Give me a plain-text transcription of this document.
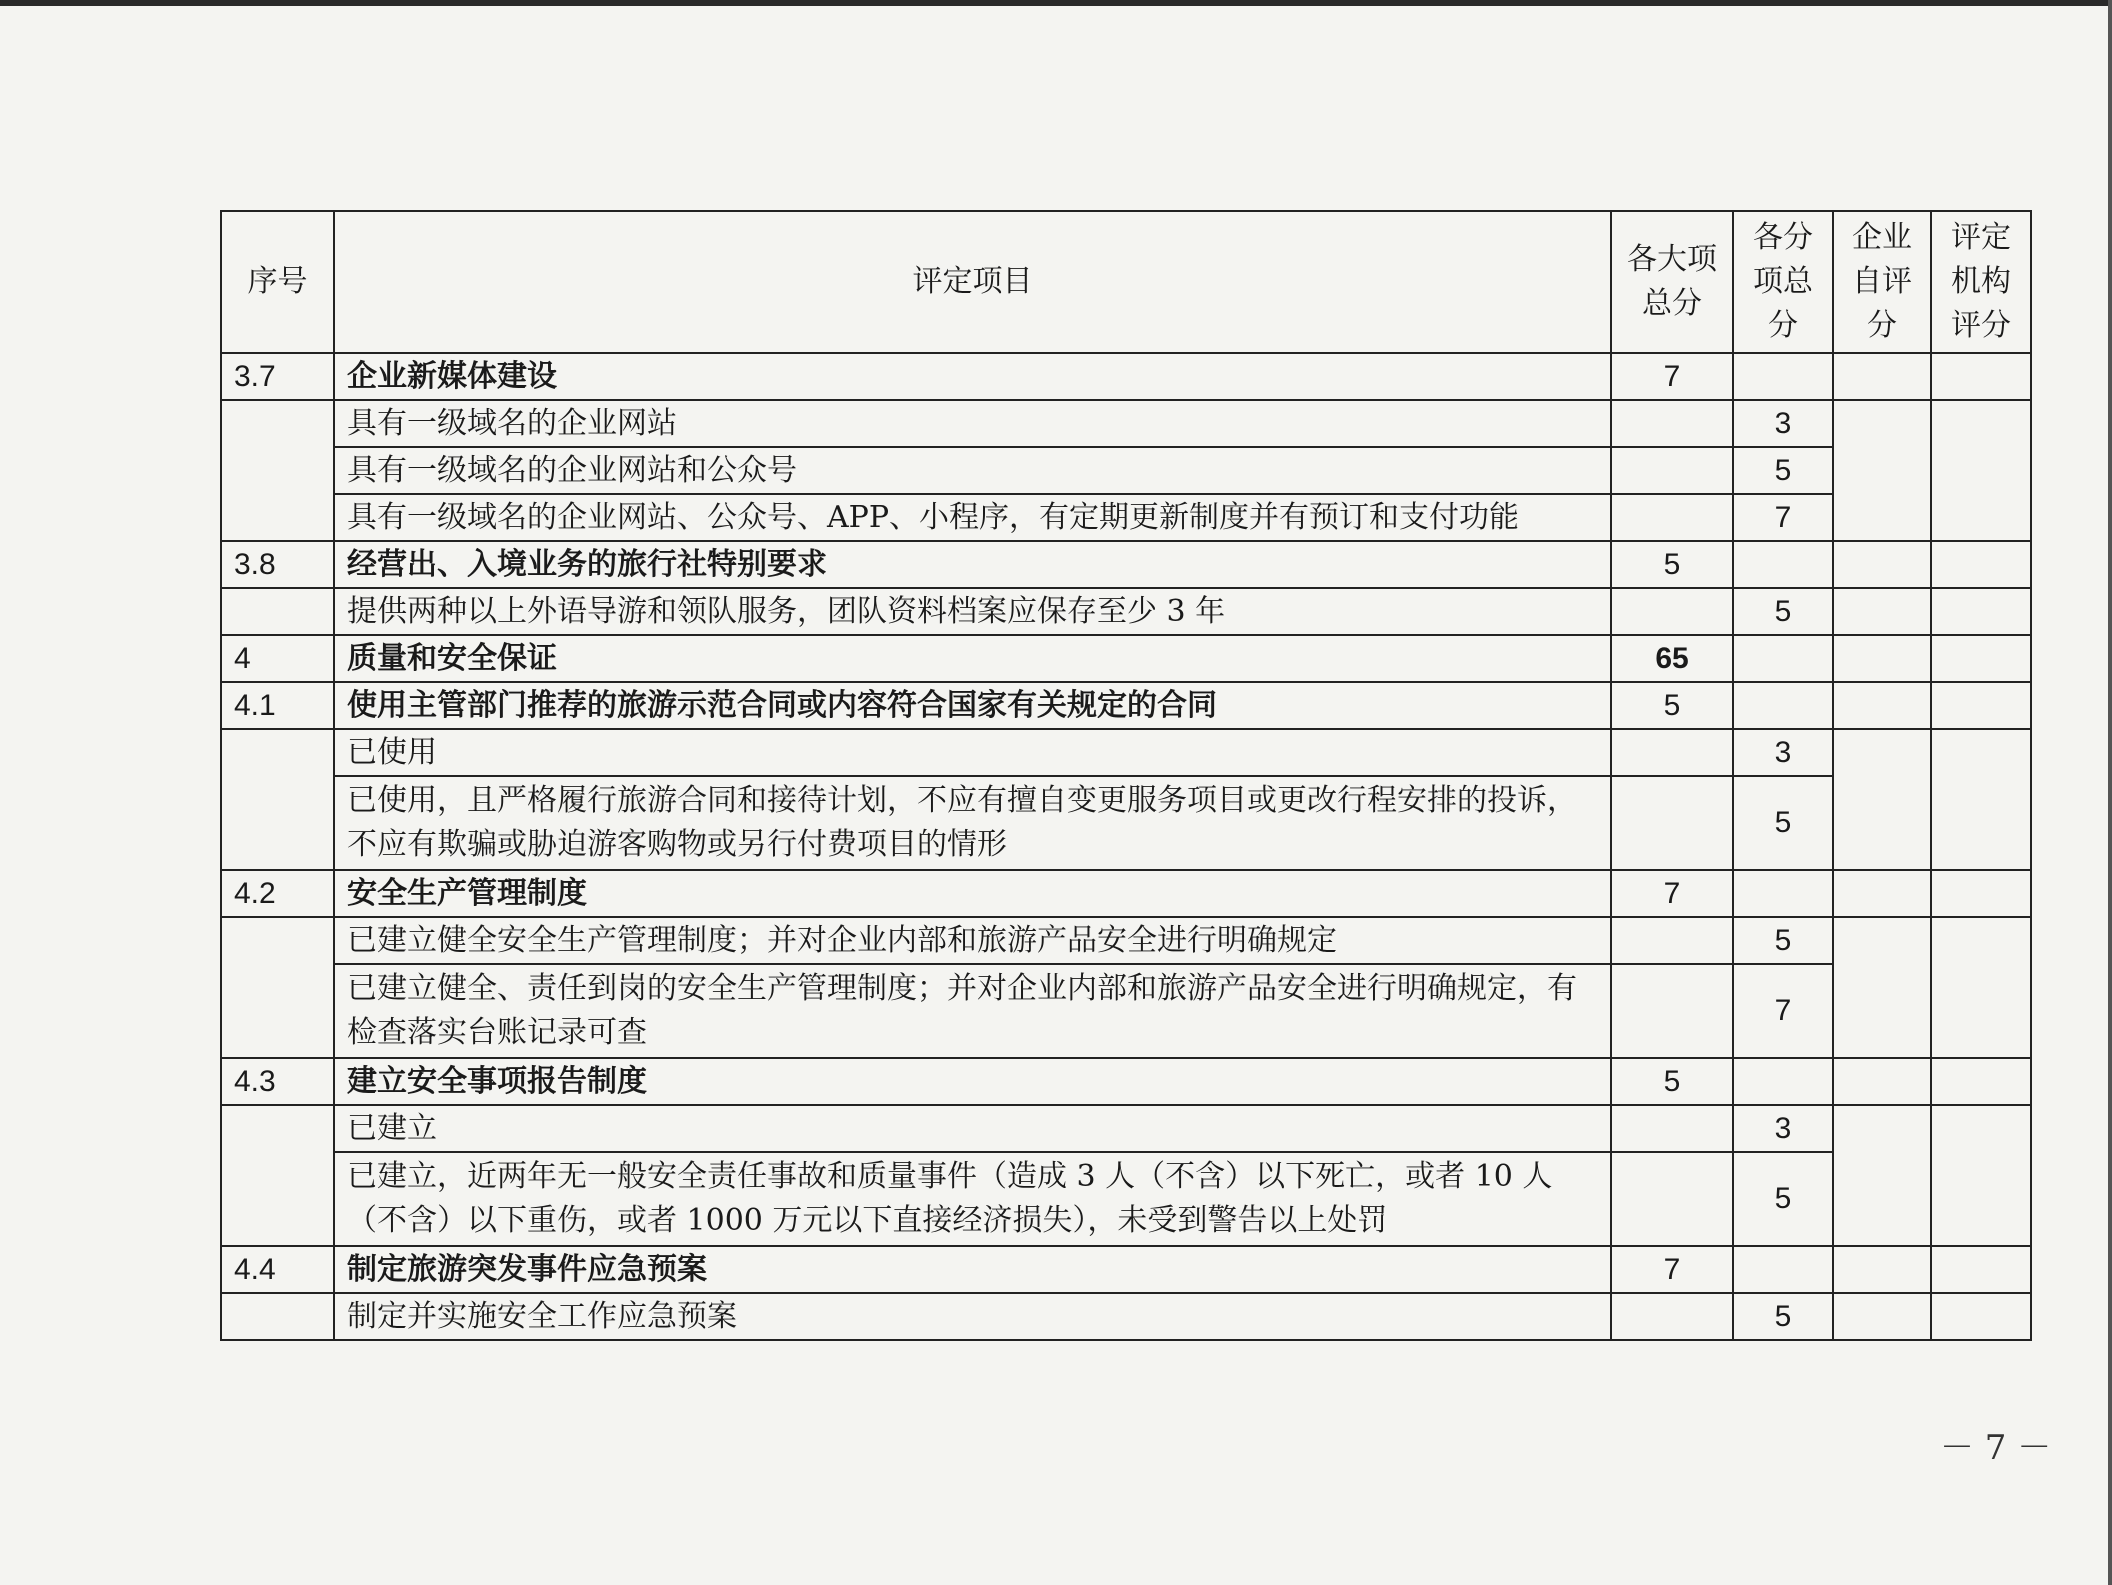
序号	评定项目	各大项总分	各分项总分	企业自评分	评定机构评分
3.7	企业新媒体建设	7			
	具有一级域名的企业网站		3		
	具有一级域名的企业网站和公众号		5		
	具有一级域名的企业网站、公众号、APP、小程序，有定期更新制度并有预订和支付功能		7		
3.8	经营出、入境业务的旅行社特别要求	5			
	提供两种以上外语导游和领队服务，团队资料档案应保存至少 3 年		5		
4	质量和安全保证	65			
4.1	使用主管部门推荐的旅游示范合同或内容符合国家有关规定的合同	5			
	已使用		3		
	已使用，且严格履行旅游合同和接待计划，不应有擅自变更服务项目或更改行程安排的投诉，不应有欺骗或胁迫游客购物或另行付费项目的情形		5		
4.2	安全生产管理制度	7			
	已建立健全安全生产管理制度；并对企业内部和旅游产品安全进行明确规定		5		
	已建立健全、责任到岗的安全生产管理制度；并对企业内部和旅游产品安全进行明确规定，有检查落实台账记录可查		7		
4.3	建立安全事项报告制度	5			
	已建立		3		
	已建立，近两年无一般安全责任事故和质量事件（造成 3 人（不含）以下死亡，或者 10 人（不含）以下重伤，或者 1000 万元以下直接经济损失），未受到警告以上处罚		5		
4.4	制定旅游突发事件应急预案	7			
	制定并实施安全工作应急预案		5		
－ 7 －
